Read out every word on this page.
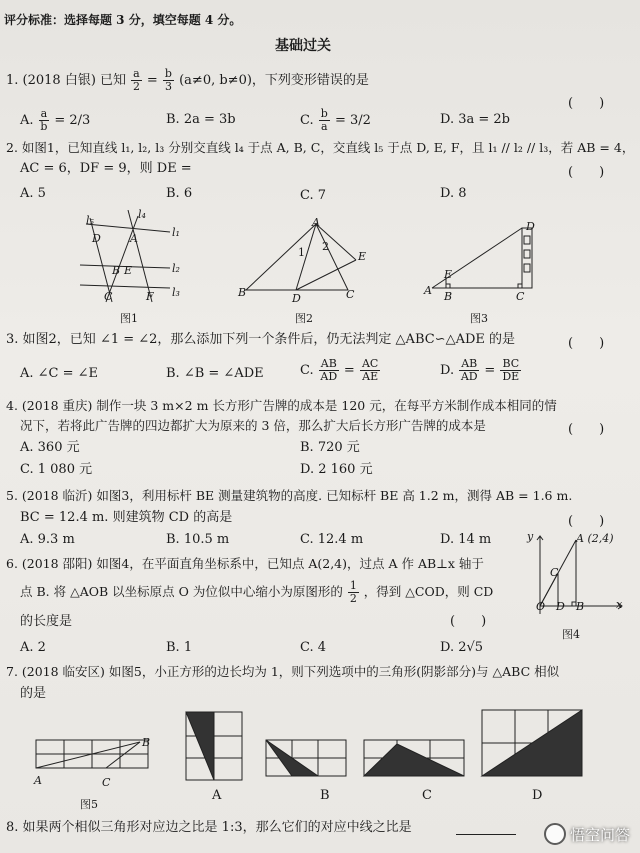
评分标准：选择每题 3 分，填空每题 4 分。
基础过关
1. (2018 白银) 已知 $\frac{a}{2} = \frac{b}{3} (a\ne 0$, b≠0)，下列变形错误的是
(　　)
A. $\frac{a}{b} = 2/3$	B. 2a = 3b	C. $\frac{b}{a} = 3/2$	D. 3a = 2b
2. 如图1，已知直线 l₁, l₂, l₃ 分别交直线 l₄ 于点 A, B, C，交直线 l₅ 于点 D, E, F，且 l₁ // l₂ // l₃，若 AB = 4，
AC = 6，DF = 9，则 DE =	(　　)
A. 5	B. 6	C. 7	D. 8
l₅	l₄
D	A	l₁
B E	l₂
C	F l₃
图1
A
1 2
E
B	D	C
图2
D
E
A B	C
图3
3. 如图2，已知 ∠1 = ∠2，那么添加下列一个条件后，仍无法判定 △ABC∽△ADE 的是	(　　)
A. ∠C = ∠E	B. ∠B = ∠ADE	C. $\frac{AB}{AD} = \frac{AC}{AE}$	D. $\frac{AB}{AD} = \frac{BC}{DE}$
4. (2018 重庆) 制作一块 3 m×2 m 长方形广告牌的成本是 120 元，在每平方米制作成本相同的情
况下，若将此广告牌的四边都扩大为原来的 3 倍，那么扩大后长方形广告牌的成本是	(　　)
A. 360 元	B. 720 元
C. 1 080 元	D. 2 160 元
5. (2018 临沂) 如图3，利用标杆 BE 测量建筑物的高度. 已知标杆 BE 高 1.2 m，测得 AB = 1.6 m.
BC = 12.4 m. 则建筑物 CD 的高是	(　　)
A. 9.3 m	B. 10.5 m	C. 12.4 m	D. 14 m
6. (2018 邵阳) 如图4，在平面直角坐标系中，已知点 A(2,4)，过点 A 作 AB⊥x 轴于
点 B. 将 △AOB 以坐标原点 O 为位似中心缩小为原图形的 $\frac{1}{2}$ ，得到 △COD，则 CD
的长度是	(　　)
A. 2	B. 1	C. 4	D. 2√5
y	A (2,4)
C
O D B	x
图4
7. (2018 临安区) 如图5，小正方形的边长均为 1，则下列选项中的三角形(阴影部分)与 △ABC 相似
的是
B
A	C
图5
A	B	C	D
8. 如果两个相似三角形对应边之比是 1:3，那么它们的对应中线之比是	悟空问答
